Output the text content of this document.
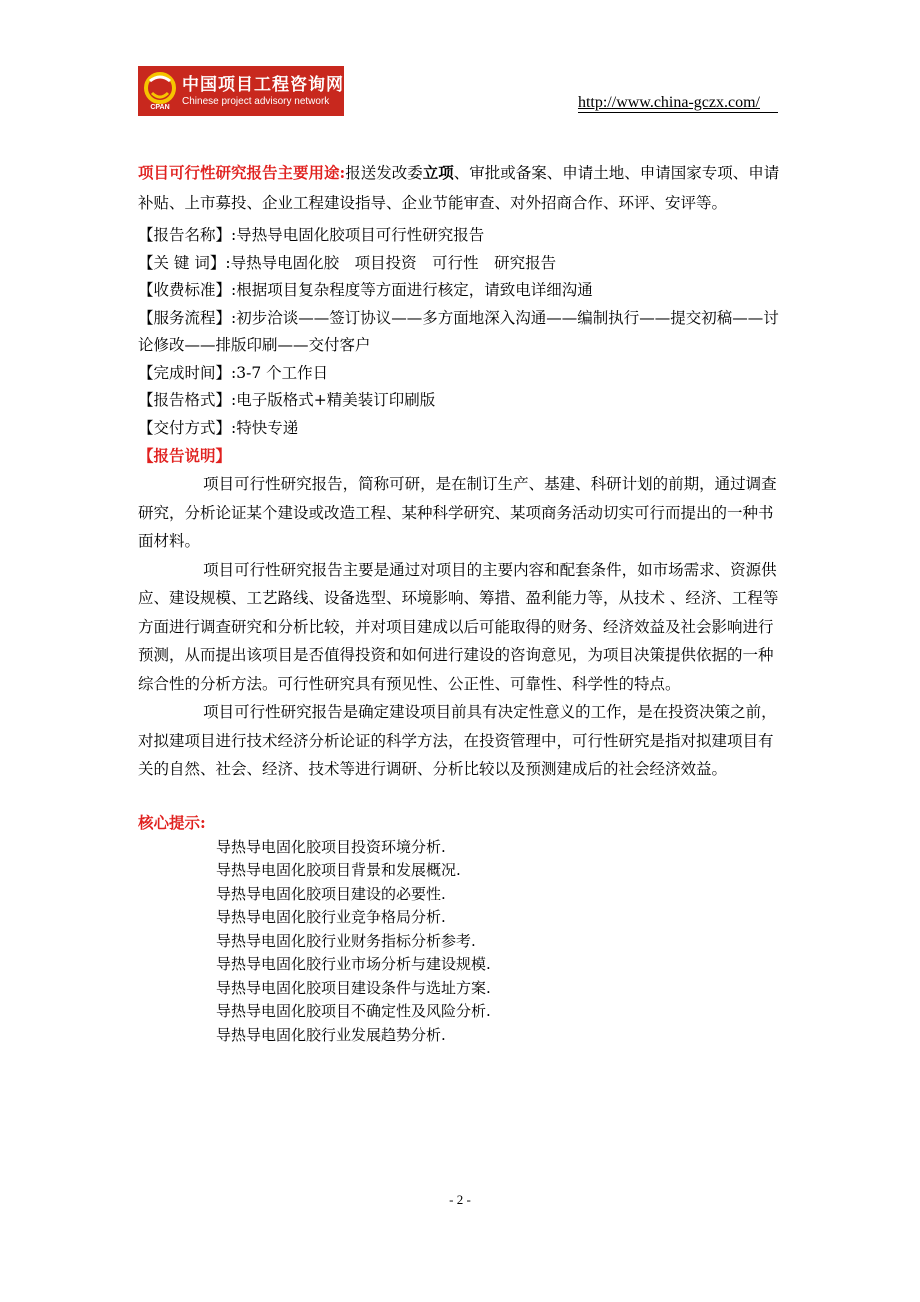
CPAN
中国项目工程咨询网
Chinese project advisory network	http://www.china-gczx.com/

项目可行性研究报告主要用途:报送发改委立项、审批或备案、申请土地、申请国家专项、申请补贴、上市募投、企业工程建设指导、企业节能审查、对外招商合作、环评、安评等。

【报告名称】:导热导电固化胶项目可行性研究报告

【关 键 词】:导热导电固化胶　项目投资　可行性　研究报告

【收费标准】:根据项目复杂程度等方面进行核定，请致电详细沟通

【服务流程】:初步洽谈——签订协议——多方面地深入沟通——编制执行——提交初稿——讨论修改——排版印刷——交付客户

【完成时间】:3-7 个工作日

【报告格式】:电子版格式+精美装订印刷版

【交付方式】:特快专递

【报告说明】

项目可行性研究报告，简称可研，是在制订生产、基建、科研计划的前期，通过调查研究，分析论证某个建设或改造工程、某种科学研究、某项商务活动切实可行而提出的一种书面材料。

项目可行性研究报告主要是通过对项目的主要内容和配套条件，如市场需求、资源供应、建设规模、工艺路线、设备选型、环境影响、筹措、盈利能力等，从技术 、经济、工程等方面进行调查研究和分析比较，并对项目建成以后可能取得的财务、经济效益及社会影响进行预测，从而提出该项目是否值得投资和如何进行建设的咨询意见，为项目决策提供依据的一种综合性的分析方法。可行性研究具有预见性、公正性、可靠性、科学性的特点。

项目可行性研究报告是确定建设项目前具有决定性意义的工作，是在投资决策之前，对拟建项目进行技术经济分析论证的科学方法，在投资管理中，可行性研究是指对拟建项目有关的自然、社会、经济、技术等进行调研、分析比较以及预测建成后的社会经济效益。

核心提示:

导热导电固化胶项目投资环境分析.
导热导电固化胶项目背景和发展概况.
导热导电固化胶项目建设的必要性.
导热导电固化胶行业竞争格局分析.
导热导电固化胶行业财务指标分析参考.
导热导电固化胶行业市场分析与建设规模.
导热导电固化胶项目建设条件与选址方案.
导热导电固化胶项目不确定性及风险分析.
导热导电固化胶行业发展趋势分析.
- 2 -
